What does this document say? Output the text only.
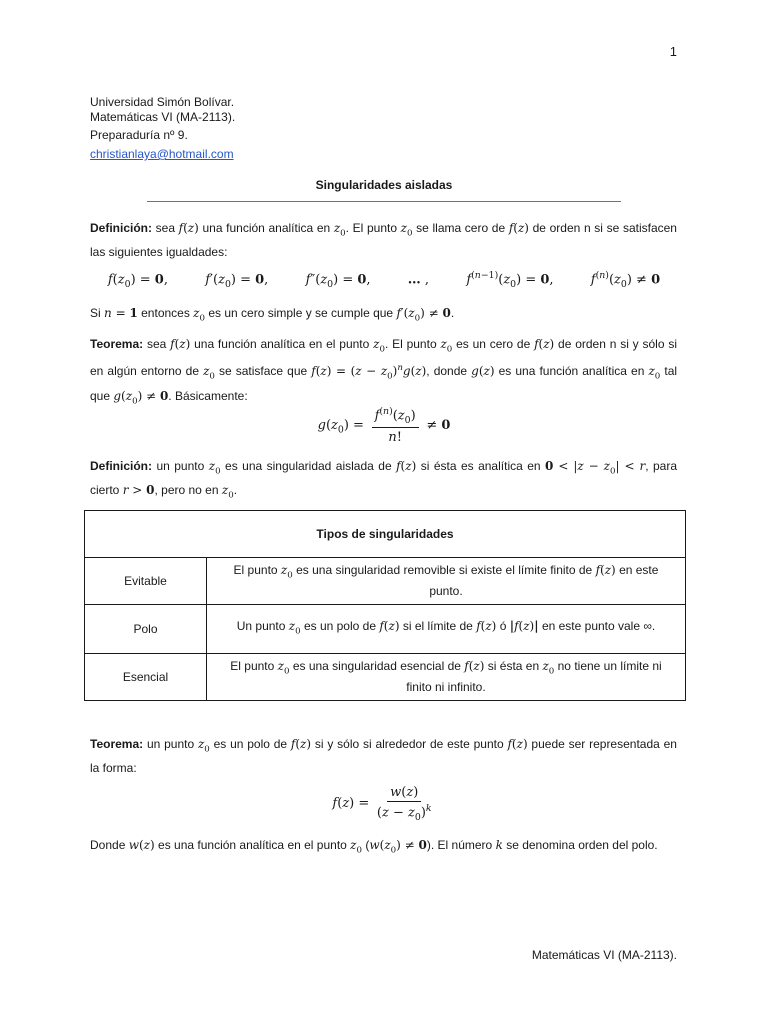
1
Universidad Simón Bolívar.
Matemáticas VI (MA-2113).
Preparaduría nº 9.
christianlaya@hotmail.com
Singularidades aisladas
Definición: sea f(z) una función analítica en $z_0$. El punto $z_0$ se llama cero de f(z) de orden n si se satisfacen las siguientes igualdades:
$f(z_0) = 0$,	$f'(z_0) = 0$,	$f''(z_0) = 0$,	… ,	$f^{(n-1)}(z_0) = 0$,	$f^{(n)}(z_0) \ne 0$
Si n = 1 entonces $z_0$ es un cero simple y se cumple que $f'(z_0) \ne 0$.
Teorema: sea f(z) una función analítica en el punto $z_0$. El punto $z_0$ es un cero de f(z) de orden n si y sólo si en algún entorno de $z_0$ se satisface que $f(z) = (z - z_0)^ng(z)$, donde g(z) es una función analítica en $z_0$ tal que $g(z_0) \ne 0$. Básicamente:
$g(z_0) = \frac{f^{(n)}(z_0)}{n!} \ne 0$
Definición: un punto $z_0$ es una singularidad aislada de f(z) si ésta es analítica en $0 < |z - z_0| < r$, para cierto r > 0, pero no en $z_0$.
Tipos de singularidades	
Evitable	El punto $z_0$ es una singularidad removible si existe el límite finito de f(z) en este punto.
Polo	Un punto $z_0$ es un polo de f(z) si el límite de f(z) ó |f(z)| en este punto vale ∞.
Esencial	El punto $z_0$ es una singularidad esencial de f(z) si ésta en $z_0$ no tiene un límite ni finito ni infinito.
Teorema: un punto $z_0$ es un polo de f(z) si y sólo si alrededor de este punto f(z) puede ser representada en la forma:
$f(z) = \frac{w(z)}{(z - z_0)^k}$
Donde w(z) es una función analítica en el punto $z_0$ $(w(z_0) \ne 0)$. El número k se denomina orden del polo.
Matemáticas VI (MA-2113).
